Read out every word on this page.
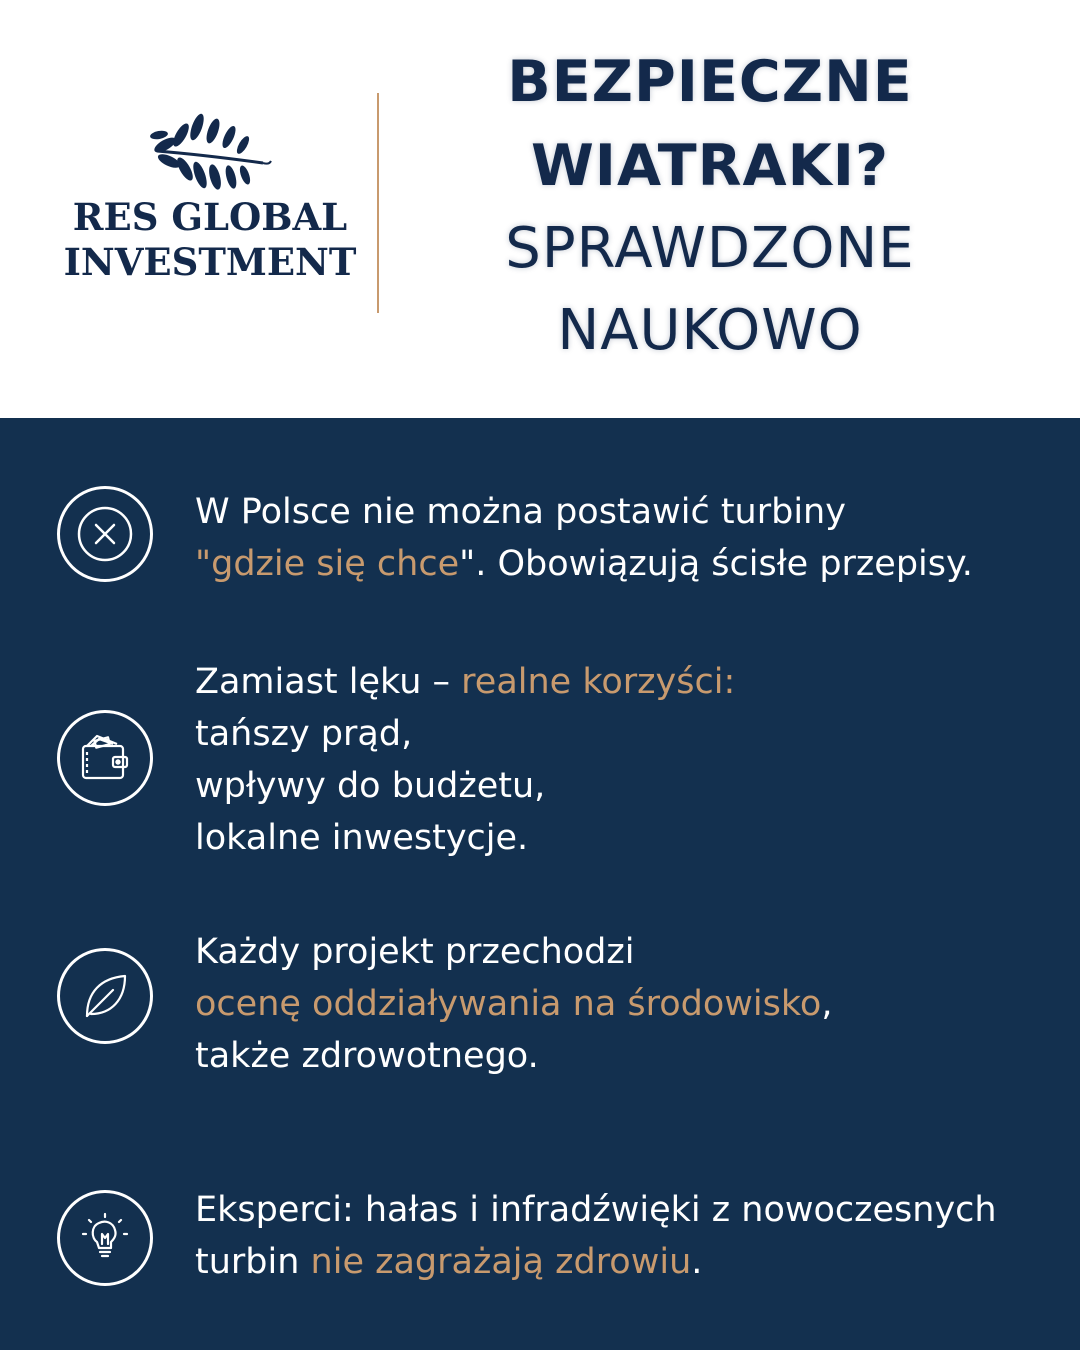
RES GLOBAL
INVESTMENT
BEZPIECZNE
WIATRAKI?
SPRAWDZONE
NAUKOWO
W Polsce nie można postawić turbiny
"gdzie się chce". Obowiązują ścisłe przepisy.
Zamiast lęku – realne korzyści:
tańszy prąd,
wpływy do budżetu,
lokalne inwestycje.
Każdy projekt przechodzi
ocenę oddziaływania na środowisko,
także zdrowotnego.
Eksperci: hałas i infradźwięki z nowoczesnych
turbin nie zagrażają zdrowiu.
